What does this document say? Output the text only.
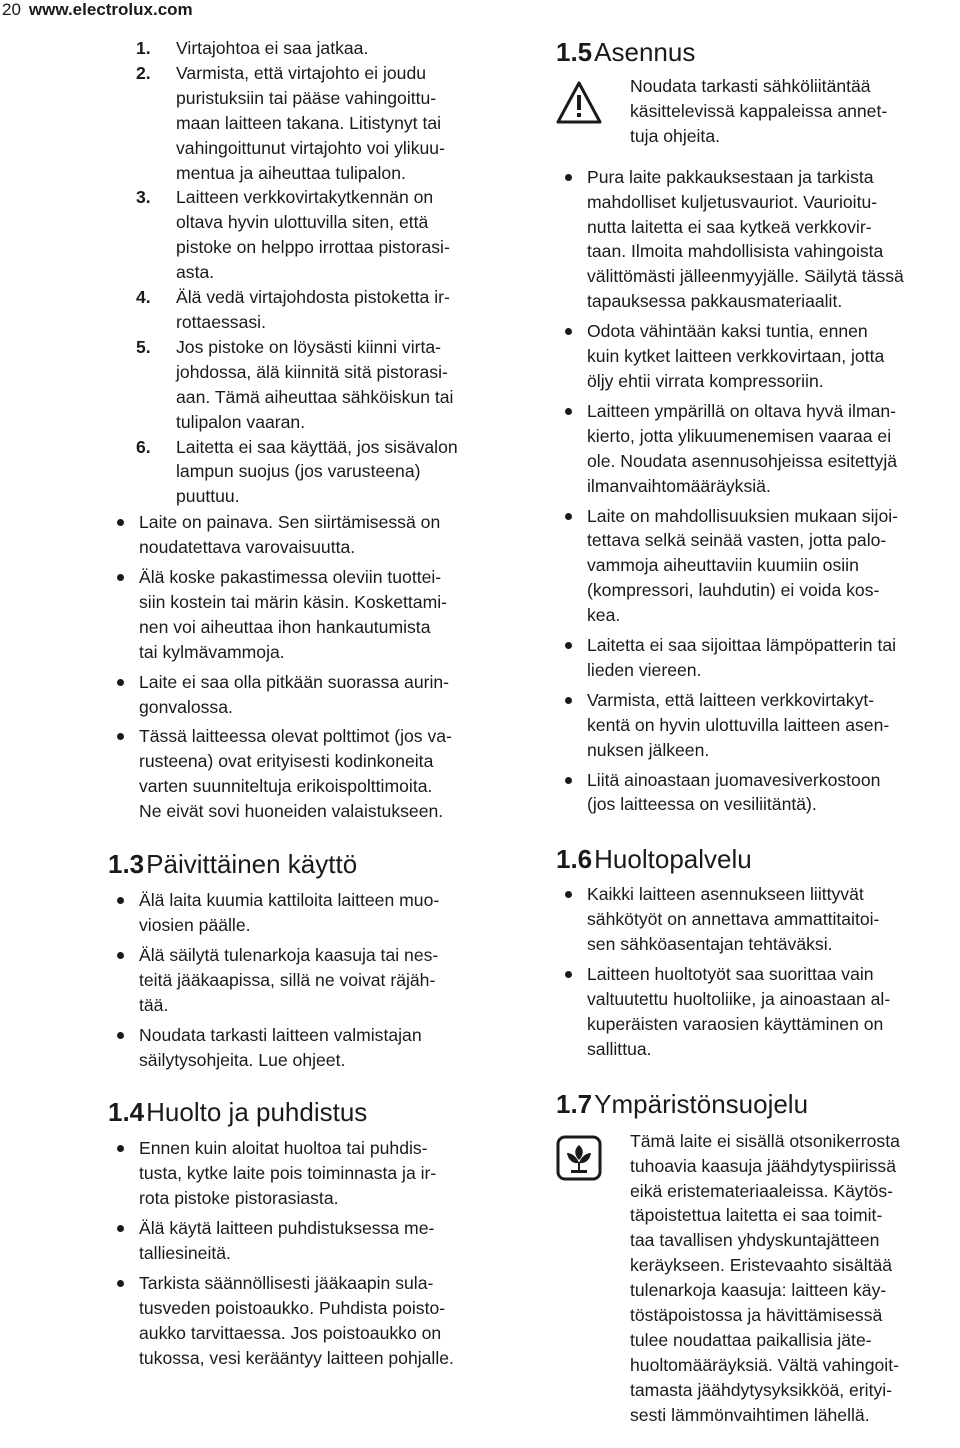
20 www.electrolux.com
1. Virtajohtoa ei saa jatkaa.
2. Varmista, että virtajohto ei joudu
puristuksiin tai pääse vahingoittu-
maan laitteen takana. Litistynyt tai
vahingoittunut virtajohto voi ylikuu-
mentua ja aiheuttaa tulipalon.
3. Laitteen verkkovirtakytkennän on
oltava hyvin ulottuvilla siten, että
pistoke on helppo irrottaa pistorasi-
asta.
4. Älä vedä virtajohdosta pistoketta ir-
rottaessasi.
5. Jos pistoke on löysästi kiinni virta-
johdossa, älä kiinnitä sitä pistorasi-
aan. Tämä aiheuttaa sähköiskun tai
tulipalon vaaran.
6. Laitetta ei saa käyttää, jos sisävalon
lampun suojus (jos varusteena)
puuttuu.
Laite on painava. Sen siirtämisessä on
noudatettava varovaisuutta.
Älä koske pakastimessa oleviin tuottei-
siin kostein tai märin käsin. Koskettami-
nen voi aiheuttaa ihon hankautumista
tai kylmävammoja.
Laite ei saa olla pitkään suorassa aurin-
gonvalossa.
Tässä laitteessa olevat polttimot (jos va-
rusteena) ovat erityisesti kodinkoneita
varten suunniteltuja erikoispolttimoita.
Ne eivät sovi huoneiden valaistukseen.
1.3Päivittäinen käyttö
Älä laita kuumia kattiloita laitteen muo-
viosien päälle.
Älä säilytä tulenarkoja kaasuja tai nes-
teitä jääkaapissa, sillä ne voivat räjäh-
tää.
Noudata tarkasti laitteen valmistajan
säilytysohjeita. Lue ohjeet.
1.4Huolto ja puhdistus
Ennen kuin aloitat huoltoa tai puhdis-
tusta, kytke laite pois toiminnasta ja ir-
rota pistoke pistorasiasta.
Älä käytä laitteen puhdistuksessa me-
talliesineitä.
Tarkista säännöllisesti jääkaapin sula-
tusveden poistoaukko. Puhdista poisto-
aukko tarvittaessa. Jos poistoaukko on
tukossa, vesi kerääntyy laitteen pohjalle.
1.5Asennus
Noudata tarkasti sähköliitäntää
käsittelevissä kappaleissa annet-
tuja ohjeita.
Pura laite pakkauksestaan ja tarkista
mahdolliset kuljetusvauriot. Vaurioitu-
nutta laitetta ei saa kytkeä verkkovir-
taan. Ilmoita mahdollisista vahingoista
välittömästi jälleenmyyjälle. Säilytä tässä
tapauksessa pakkausmateriaalit.
Odota vähintään kaksi tuntia, ennen
kuin kytket laitteen verkkovirtaan, jotta
öljy ehtii virrata kompressoriin.
Laitteen ympärillä on oltava hyvä ilman-
kierto, jotta ylikuumenemisen vaaraa ei
ole. Noudata asennusohjeissa esitettyjä
ilmanvaihtomääräyksiä.
Laite on mahdollisuuksien mukaan sijoi-
tettava selkä seinää vasten, jotta palo-
vammoja aiheuttaviin kuumiin osiin
(kompressori, lauhdutin) ei voida kos-
kea.
Laitetta ei saa sijoittaa lämpöpatterin tai
lieden viereen.
Varmista, että laitteen verkkovirtakyt-
kentä on hyvin ulottuvilla laitteen asen-
nuksen jälkeen.
Liitä ainoastaan juomavesiverkostoon
(jos laitteessa on vesiliitäntä).
1.6Huoltopalvelu
Kaikki laitteen asennukseen liittyvät
sähkötyöt on annettava ammattitaitoi-
sen sähköasentajan tehtäväksi.
Laitteen huoltotyöt saa suorittaa vain
valtuutettu huoltoliike, ja ainoastaan al-
kuperäisten varaosien käyttäminen on
sallittua.
1.7Ympäristönsuojelu
Tämä laite ei sisällä otsonikerrosta
tuhoavia kaasuja jäähdytyspiirissä
eikä eristemateriaaleissa. Käytös-
täpoistettua laitetta ei saa toimit-
taa tavallisen yhdyskuntajätteen
keräykseen. Eristevaahto sisältää
tulenarkoja kaasuja: laitteen käy-
töstäpoistossa ja hävittämisessä
tulee noudattaa paikallisia jäte-
huoltomääräyksiä. Vältä vahingoit-
tamasta jäähdytysyksikköä, erityi-
sesti lämmönvaihtimen lähellä.
